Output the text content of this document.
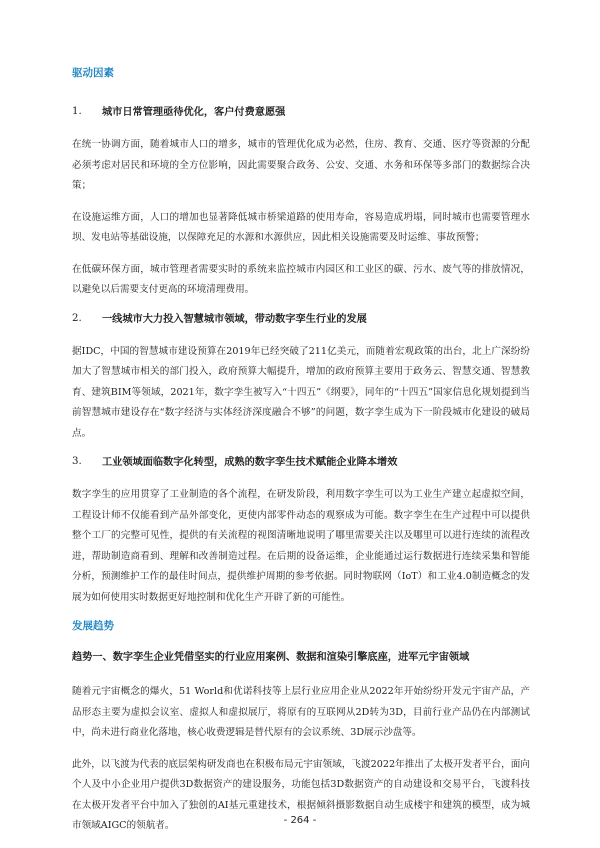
驱动因素
1.	城市日常管理亟待优化，客户付费意愿强

在统一协调方面，随着城市人口的增多，城市的管理优化成为必然，住房、教育、交通、医疗等资源的分配必须考虑对居民和环境的全方位影响，因此需要聚合政务、公安、交通、水务和环保等多部门的数据综合决策；

在设施运维方面，人口的增加也显著降低城市桥梁道路的使用寿命，容易造成坍塌，同时城市也需要管理水坝、发电站等基础设施，以保障充足的水源和水源供应，因此相关设施需要及时运维、事故预警；

在低碳环保方面，城市管理者需要实时的系统来监控城市内园区和工业区的碳、污水、废气等的排放情况，以避免以后需要支付更高的环境清理费用。

2.	一线城市大力投入智慧城市领域，带动数字孪生行业的发展

据IDC，中国的智慧城市建设预算在2019年已经突破了211亿美元，而随着宏观政策的出台，北上广深纷纷加大了智慧城市相关的部门投入，政府预算大幅提升，增加的政府预算主要用于政务云、智慧交通、智慧教育、建筑BIM等领域，2021年，数字孪生被写入“十四五”《纲要》，同年的“十四五”国家信息化规划提到当前智慧城市建设存在“数字经济与实体经济深度融合不够”的问题，数字孪生成为下一阶段城市化建设的破局点。

3.	工业领域面临数字化转型，成熟的数字孪生技术赋能企业降本增效

数字孪生的应用贯穿了工业制造的各个流程，在研发阶段，利用数字孪生可以为工业生产建立起虚拟空间，工程设计师不仅能看到产品外部变化，更使内部零件动态的观察成为可能。数字孪生在生产过程中可以提供整个工厂的完整可见性，提供的有关流程的视图清晰地说明了哪里需要关注以及哪里可以进行连续的流程改进，帮助制造商看到、理解和改善制造过程。在后期的设备运维，企业能通过运行数据进行连续采集和智能分析，预测维护工作的最佳时间点，提供维护周期的参考依据。同时物联网（IoT）和工业4.0制造概念的发展为如何使用实时数据更好地控制和优化生产开辟了新的可能性。

发展趋势
趋势一、数字孪生企业凭借坚实的行业应用案例、数据和渲染引擎底座，进军元宇宙领域

随着元宇宙概念的爆火，51 World和优诺科技等上层行业应用企业从2022年开始纷纷开发元宇宙产品，产品形态主要为虚拟会议室、虚拟人和虚拟展厅，将原有的互联网从2D转为3D，目前行业产品仍在内部测试中，尚未进行商业化落地，核心收费逻辑是替代原有的会议系统、3D展示沙盘等。

此外，以飞渡为代表的底层架构研发商也在积极布局元宇宙领域，飞渡2022年推出了太极开发者平台，面向个人及中小企业用户提供3D数据资产的建设服务，功能包括3D数据资产的自动建设和交易平台，飞渡科技在太极开发者平台中加入了独创的AI基元重建技术，根据倾斜摄影数据自动生成楼宇和建筑的模型，成为城市领域AIGC的领航者。	- 264 -
